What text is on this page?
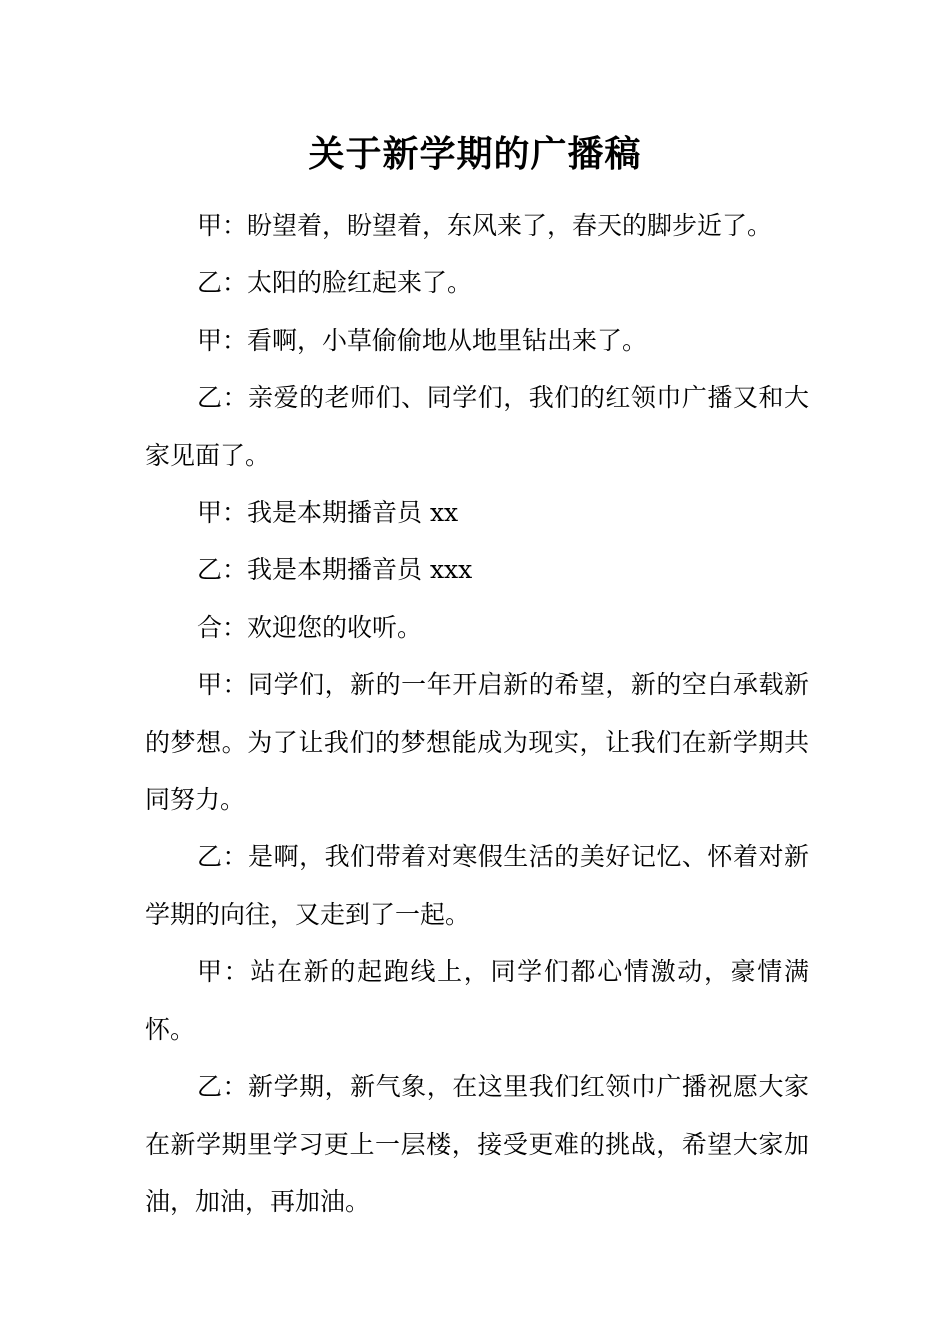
关于新学期的广播稿

甲：盼望着，盼望着，东风来了，春天的脚步近了。

乙：太阳的脸红起来了。

甲：看啊，小草偷偷地从地里钻出来了。

乙：亲爱的老师们、同学们，我们的红领巾广播又和大家见面了。

甲：我是本期播音员 xx

乙：我是本期播音员 xxx

合：欢迎您的收听。

甲：同学们，新的一年开启新的希望，新的空白承载新的梦想。为了让我们的梦想能成为现实，让我们在新学期共同努力。

乙：是啊，我们带着对寒假生活的美好记忆、怀着对新学期的向往，又走到了一起。

甲：站在新的起跑线上，同学们都心情激动，豪情满怀。

乙：新学期，新气象，在这里我们红领巾广播祝愿大家在新学期里学习更上一层楼，接受更难的挑战，希望大家加油，加油，再加油。
